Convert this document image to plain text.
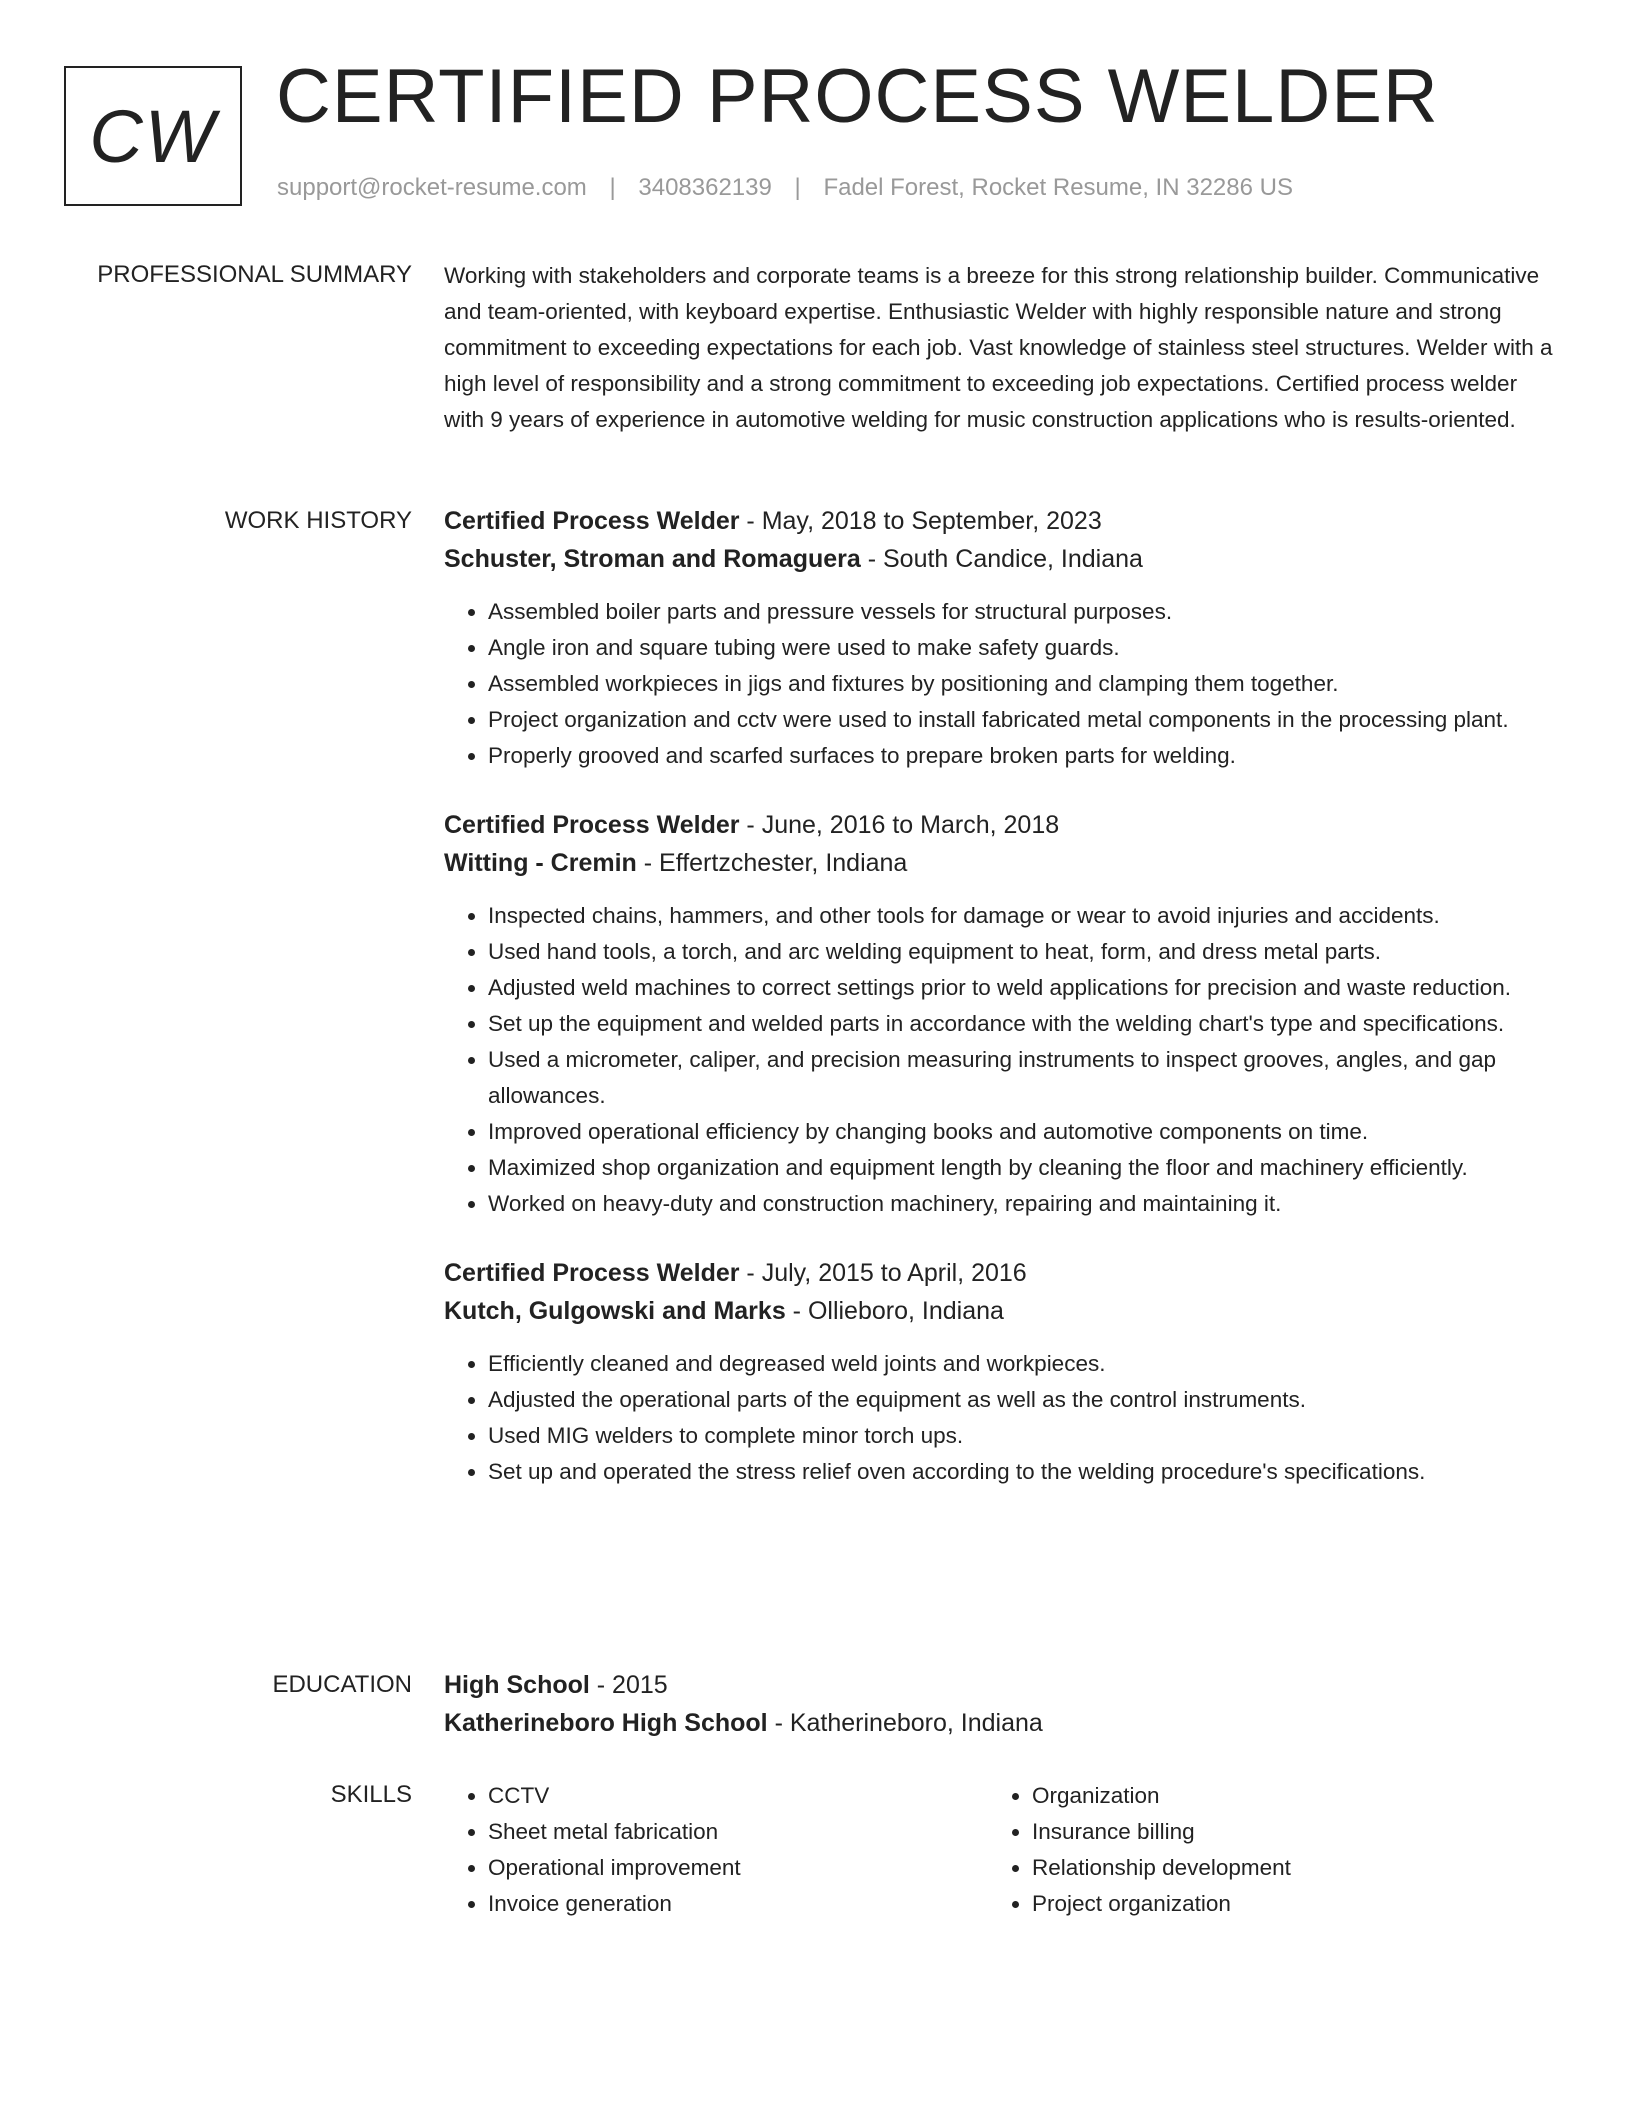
CW CERTIFIED PROCESS WELDER
support@rocket-resume.com | 3408362139 | Fadel Forest, Rocket Resume, IN 32286 US
PROFESSIONAL SUMMARY Working with stakeholders and corporate teams is a breeze for this strong relationship builder. Communicative and team-oriented, with keyboard expertise. Enthusiastic Welder with highly responsible nature and strong commitment to exceeding expectations for each job. Vast knowledge of stainless steel structures. Welder with a high level of responsibility and a strong commitment to exceeding job expectations. Certified process welder with 9 years of experience in automotive welding for music construction applications who is results-oriented.

WORK HISTORY Certified Process Welder - May, 2018 to September, 2023

Schuster, Stroman and Romaguera - South Candice, Indiana

• Assembled boiler parts and pressure vessels for structural purposes.
• Angle iron and square tubing were used to make safety guards.
• Assembled workpieces in jigs and fixtures by positioning and clamping them together.
• Project organization and cctv were used to install fabricated metal components in the processing plant.
• Properly grooved and scarfed surfaces to prepare broken parts for welding.

Certified Process Welder - June, 2016 to March, 2018

Witting - Cremin - Effertzchester, Indiana

• Inspected chains, hammers, and other tools for damage or wear to avoid injuries and accidents.
• Used hand tools, a torch, and arc welding equipment to heat, form, and dress metal parts.
• Adjusted weld machines to correct settings prior to weld applications for precision and waste reduction.
• Set up the equipment and welded parts in accordance with the welding chart's type and specifications.
• Used a micrometer, caliper, and precision measuring instruments to inspect grooves, angles, and gap allowances.
• Improved operational efficiency by changing books and automotive components on time.
• Maximized shop organization and equipment length by cleaning the floor and machinery efficiently.
• Worked on heavy-duty and construction machinery, repairing and maintaining it.

Certified Process Welder - July, 2015 to April, 2016

Kutch, Gulgowski and Marks - Ollieboro, Indiana

• Efficiently cleaned and degreased weld joints and workpieces.
• Adjusted the operational parts of the equipment as well as the control instruments.
• Used MIG welders to complete minor torch ups.
• Set up and operated the stress relief oven according to the welding procedure's specifications.
EDUCATION High School - 2015

Katherineboro High School - Katherineboro, Indiana

SKILLS
•	CCTV
• Sheet metal fabrication
• Operational improvement
• Invoice generation
• Organization
• Insurance billing
• Relationship development
• Project organization
